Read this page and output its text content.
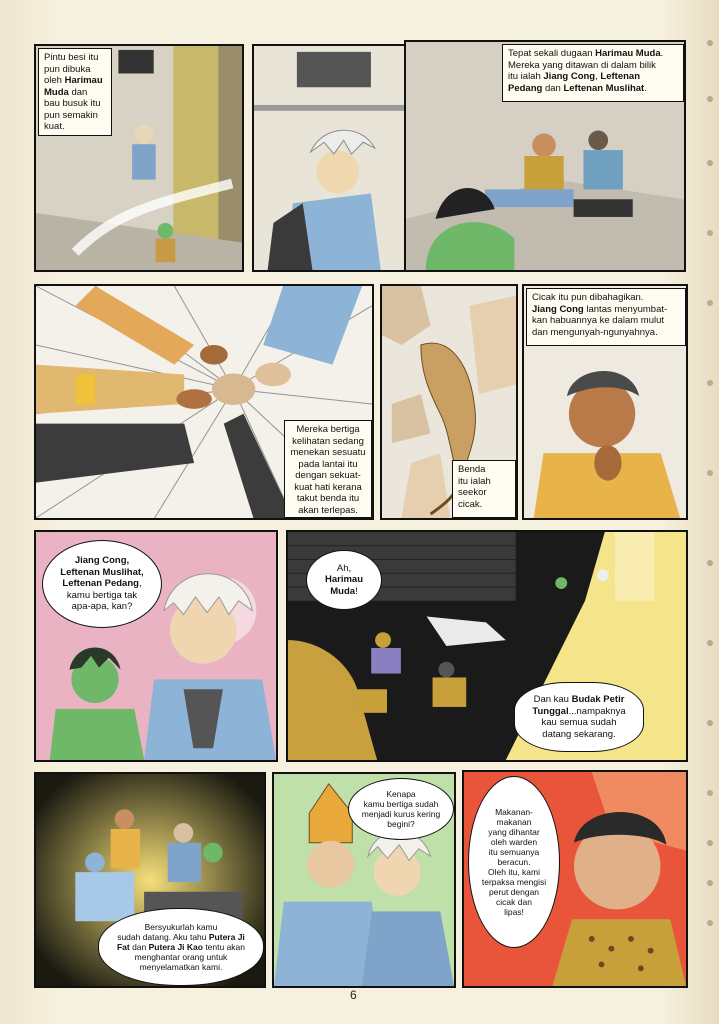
Pintu besi itu
pun dibuka
oleh Harimau
Muda dan
bau busuk itu
pun semakin
kuat.
Tepat sekali dugaan Harimau Muda.
Mereka yang ditawan di dalam bilik
itu ialah Jiang Cong, Leftenan
Pedang dan Leftenan Muslihat.
Mereka bertiga
kelihatan sedang
menekan sesuatu
pada lantai itu
dengan sekuat-
kuat hati kerana
takut benda itu
akan terlepas.
Benda
itu ialah
seekor
cicak.
Cicak itu pun dibahagikan.
Jiang Cong lantas menyumbat-
kan habuannya ke dalam mulut
dan mengunyah-ngunyahnya.
Jiang Cong,
Leftenan Muslihat,
Leftenan Pedang,
kamu bertiga tak
apa-apa, kan?
Ah,
Harimau
Muda!
Dan kau Budak Petir
Tunggal...nampaknya
kau semua sudah
datang sekarang.
Bersyukurlah kamu
sudah datang. Aku tahu Putera Ji
Fat dan Putera Ji Kao tentu akan
menghantar orang untuk
menyelamatkan kami.
Kenapa
kamu bertiga sudah
menjadi kurus kering
begini?
Makanan-
makanan
yang dihantar
oleh warden
itu semuanya
beracun.
Oleh itu, kami
terpaksa mengisi
perut dengan
cicak dan
lipas!
6
